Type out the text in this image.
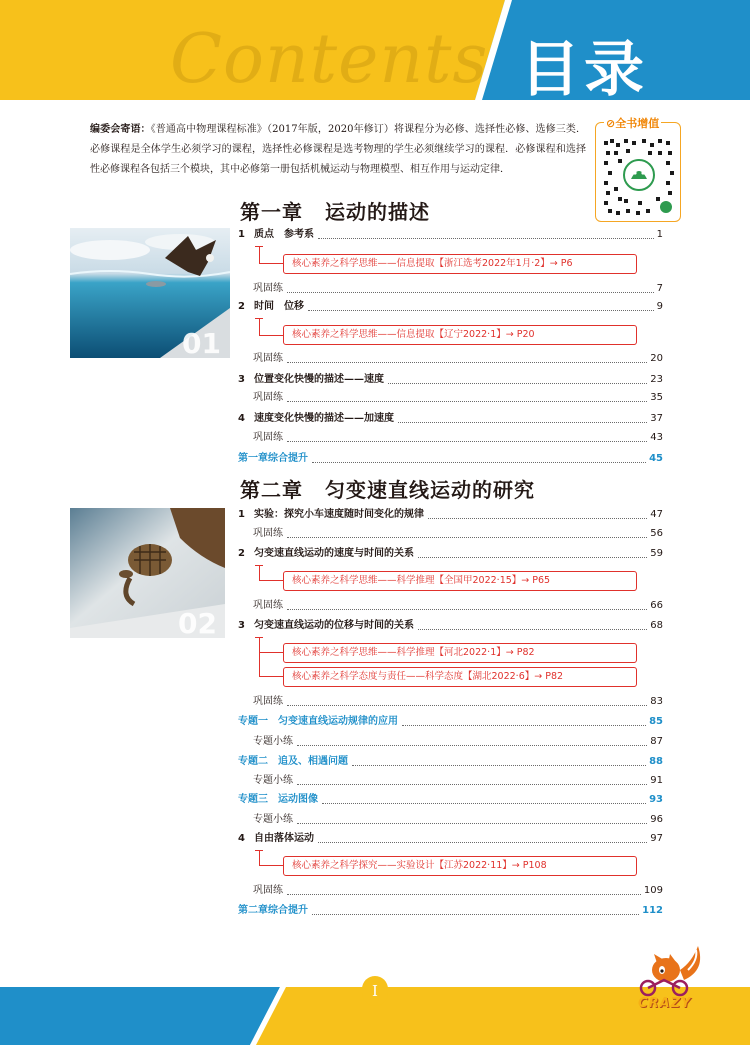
Contents 目录
编委会寄语：《普通高中物理课程标准》（2017年版，2020年修订）将课程分为必修、选择性必修、选修三类．必修课程是全体学生必须学习的课程，选择性必修课程是选考物理的学生必须继续学习的课程．必修课程和选择性必修课程各包括三个模块，其中必修第一册包括机械运动与物理模型、相互作用与运动定律．
⊘全书增值
01
02
第一章 运动的描述
1 质点　参考系	1
核心素养之科学思维——信息提取【浙江选考2022年1月·2】→ P6
巩固练	7
2 时间　位移	9
核心素养之科学思维——信息提取【辽宁2022·1】→ P20
巩固练	20
3 位置变化快慢的描述——速度	23
巩固练	35
4 速度变化快慢的描述——加速度	37
巩固练	43
第一章综合提升	45
第二章 匀变速直线运动的研究
1 实验：探究小车速度随时间变化的规律	47
巩固练	56
2 匀变速直线运动的速度与时间的关系	59
核心素养之科学思维——科学推理【全国甲2022·15】→ P65
巩固练	66
3 匀变速直线运动的位移与时间的关系	68
核心素养之科学思维——科学推理【河北2022·1】→ P82
核心素养之科学态度与责任——科学态度【湖北2022·6】→ P82
巩固练	83
专题一　匀变速直线运动规律的应用	85
专题小练	87
专题二　追及、相遇问题	88
专题小练	91
专题三　运动图像	93
专题小练	96
4 自由落体运动	97
核心素养之科学探究——实验设计【江苏2022·11】→ P108
巩固练	109
第二章综合提升	112
I
CRAZY
